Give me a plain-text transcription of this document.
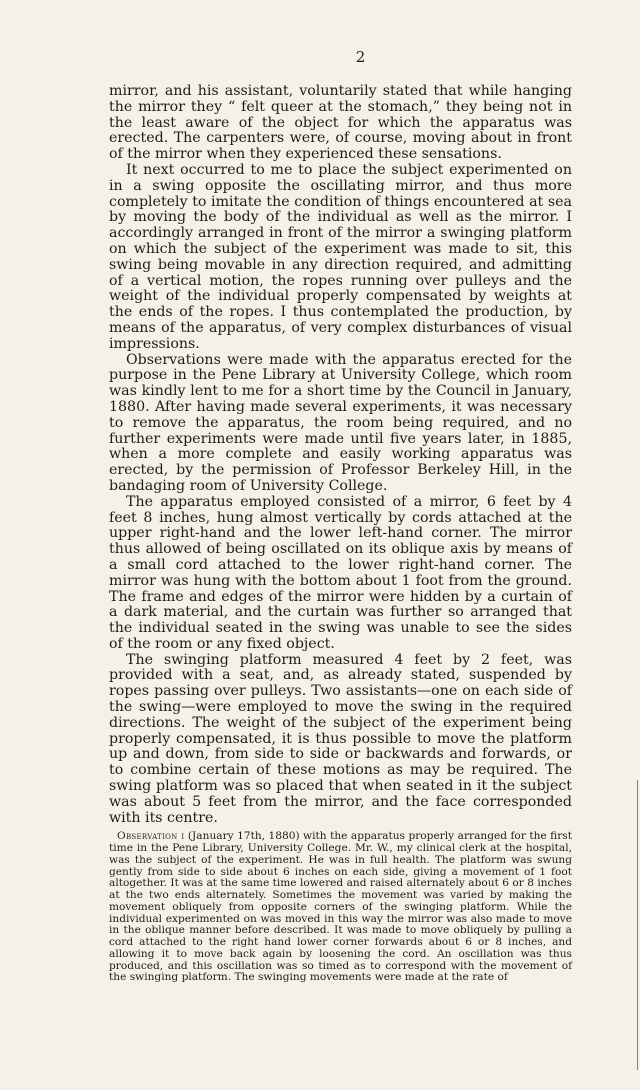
2

mirror, and his assistant, voluntarily stated that while hanging the mirror they “ felt queer at the stomach,” they being not in the least aware of the object for which the apparatus was erected. The carpenters were, of course, moving about in front of the mirror when they experienced these sensations.

It next occurred to me to place the subject experimented on in a swing opposite the oscillating mirror, and thus more completely to imitate the condition of things encountered at sea by moving the body of the individual as well as the mirror. I accordingly arranged in front of the mirror a swinging platform on which the subject of the experiment was made to sit, this swing being movable in any direction required, and admitting of a vertical motion, the ropes running over pulleys and the weight of the individual properly compensated by weights at the ends of the ropes. I thus contemplated the production, by means of the apparatus, of very complex disturbances of visual impressions.

Observations were made with the apparatus erected for the purpose in the Pene Library at University College, which room was kindly lent to me for a short time by the Council in January, 1880. After having made several experiments, it was necessary to remove the apparatus, the room being required, and no further experiments were made until five years later, in 1885, when a more complete and easily working apparatus was erected, by the permission of Professor Berkeley Hill, in the bandaging room of University College.

The apparatus employed consisted of a mirror, 6 feet by 4 feet 8 inches, hung almost vertically by cords attached at the upper right-hand and the lower left-hand corner. The mirror thus allowed of being oscillated on its oblique axis by means of a small cord attached to the lower right-hand corner. The mirror was hung with the bottom about 1 foot from the ground. The frame and edges of the mirror were hidden by a curtain of a dark material, and the curtain was further so arranged that the individual seated in the swing was unable to see the sides of the room or any fixed object.

The swinging platform measured 4 feet by 2 feet, was provided with a seat, and, as already stated, suspended by ropes passing over pulleys. Two assistants—one on each side of the swing—were employed to move the swing in the required directions. The weight of the subject of the experiment being properly compensated, it is thus possible to move the platform up and down, from side to side or backwards and forwards, or to combine certain of these motions as may be required. The swing platform was so placed that when seated in it the subject was about 5 feet from the mirror, and the face corresponded with its centre.

Observation i (January 17th, 1880) with the apparatus properly arranged for the first time in the Pene Library, University College. Mr. W., my clinical clerk at the hospital, was the subject of the experiment. He was in full health. The platform was swung gently from side to side about 6 inches on each side, giving a movement of 1 foot altogether. It was at the same time lowered and raised alternately about 6 or 8 inches at the two ends alternately. Sometimes the movement was varied by making the movement obliquely from opposite corners of the swinging platform. While the individual experimented on was moved in this way the mirror was also made to move in the oblique manner before described. It was made to move obliquely by pulling a cord attached to the right hand lower corner forwards about 6 or 8 inches, and allowing it to move back again by loosening the cord. An oscillation was thus produced, and this oscillation was so timed as to correspond with the movement of the swinging platform. The swinging movements were made at the rate of
